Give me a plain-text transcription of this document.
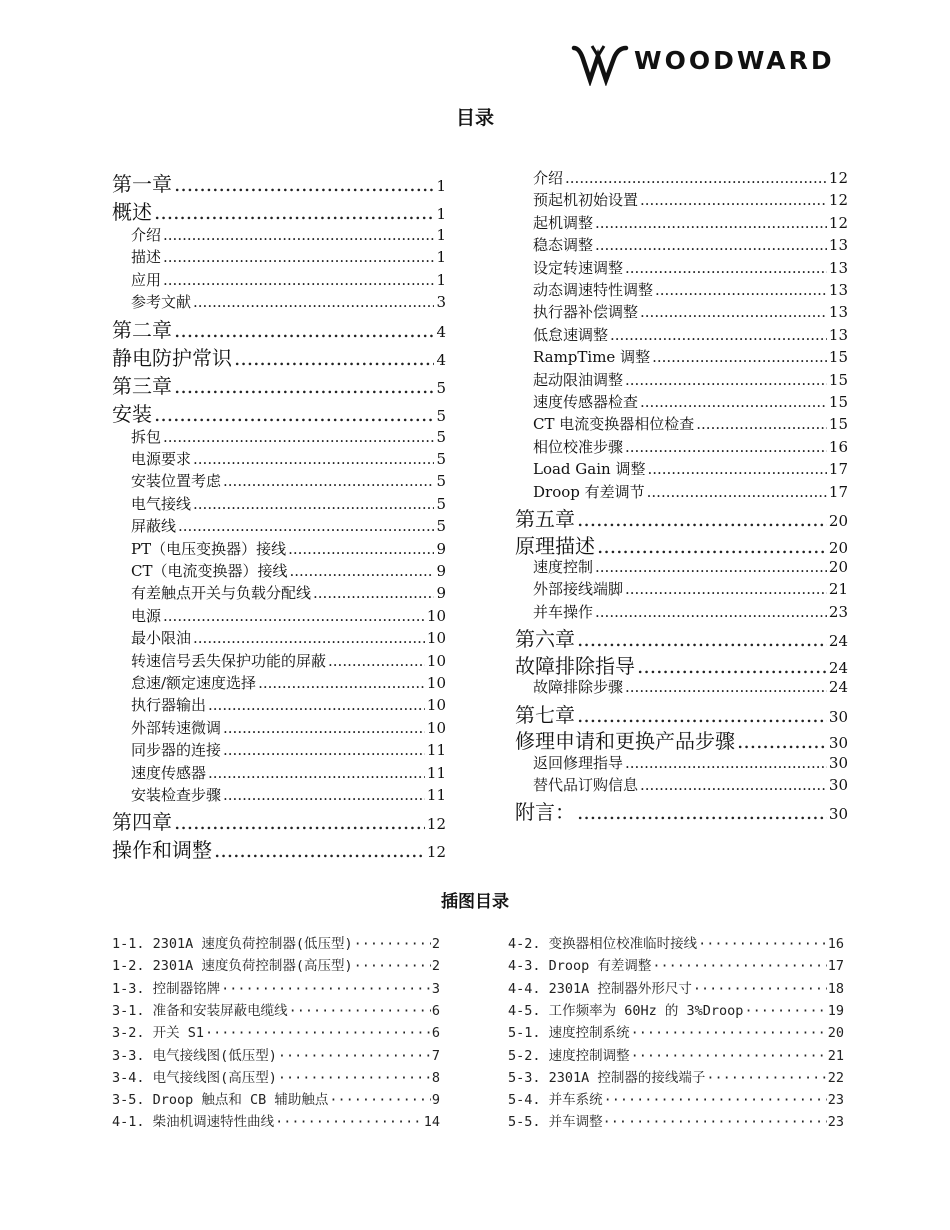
WOODWARD
目录
第一章 .....	1
概述 .....	1
介绍 .....	1
描述 .....	1
应用 .....	1
参考文献 .....	3
第二章 .....	4
静电防护常识 .....	4
第三章 .....	5
安装 .....	5
拆包 .....	5
电源要求 .....	5
安装位置考虑 .....	5
电气接线 .....	5
屏蔽线 .....	5
PT（电压变换器）接线 .....	9
CT（电流变换器）接线 .....	9
有差触点开关与负载分配线 .....	9
电源 .....	10
最小限油 .....	10
转速信号丢失保护功能的屏蔽 .....	10
怠速/额定速度选择 .....	10
执行器输出 .....	10
外部转速微调 .....	10
同步器的连接 .....	11
速度传感器 .....	11
安装检查步骤 .....	11
第四章 .....	12
操作和调整 .....	12
介绍 .....	12
预起机初始设置 .....	12
起机调整 .....	12
稳态调整 .....	13
设定转速调整 .....	13
动态调速特性调整 .....	13
执行器补偿调整 .....	13
低怠速调整 .....	13
RampTime 调整 .....	15
起动限油调整 .....	15
速度传感器检查 .....	15
CT 电流变换器相位检查 .....	15
相位校准步骤 .....	16
Load Gain 调整 .....	17
Droop 有差调节 .....	17
第五章 .....	20
原理描述 .....	20
速度控制 .....	20
外部接线端脚 .....	21
并车操作 .....	23
第六章 .....	24
故障排除指导 .....	24
故障排除步骤 .....	24
第七章 .....	30
修理申请和更换产品步骤 .....	30
返回修理指导 .....	30
替代品订购信息 .....	30
附言： .....	30
插图目录
1-1. 2301A 速度负荷控制器(低压型) ·····	2
1-2. 2301A 速度负荷控制器(高压型) ·····	2
1-3. 控制器铭牌 ·····	3
3-1. 准备和安装屏蔽电缆线 ·····	6
3-2. 开关 S1 ·····	6
3-3. 电气接线图(低压型) ·····	7
3-4. 电气接线图(高压型) ·····	8
3-5. Droop 触点和 CB 辅助触点 ·····	9
4-1. 柴油机调速特性曲线 ·····	14
4-2. 变换器相位校准临时接线 ·····	16
4-3. Droop 有差调整 ·····	17
4-4. 2301A 控制器外形尺寸 ·····	18
4-5. 工作频率为 60Hz 的 3%Droop ·····	19
5-1. 速度控制系统 ·····	20
5-2. 速度控制调整 ·····	21
5-3. 2301A 控制器的接线端子 ·····	22
5-4. 并车系统 ·····	23
5-5. 并车调整··· ·····	23
